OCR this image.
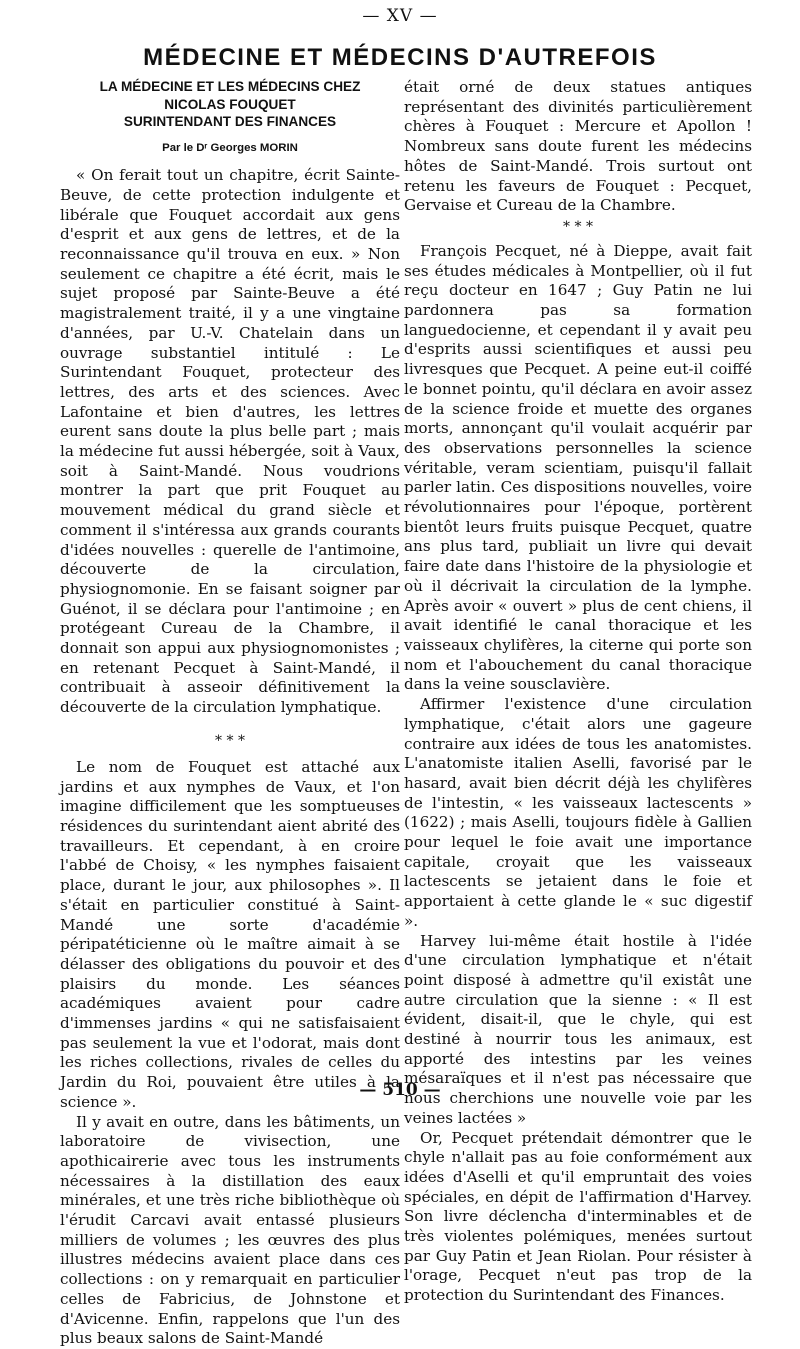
— XV —
MÉDECINE ET MÉDECINS D'AUTREFOIS
LA MÉDECINE ET LES MÉDECINS CHEZ
NICOLAS FOUQUET
SURINTENDANT DES FINANCES
Par le Dʳ Georges MORIN

« On ferait tout un chapitre, écrit Sainte-Beuve, de cette protection indulgente et libérale que Fouquet accordait aux gens d'esprit et aux gens de lettres, et de la reconnaissance qu'il trouva en eux. » Non seulement ce chapitre a été écrit, mais le sujet proposé par Sainte-Beuve a été magistralement traité, il y a une vingtaine d'années, par U.-V. Chatelain dans un ouvrage substantiel intitulé : Le Surintendant Fouquet, protecteur des lettres, des arts et des sciences. Avec Lafontaine et bien d'autres, les lettres eurent sans doute la plus belle part ; mais la médecine fut aussi hébergée, soit à Vaux, soit à Saint-Mandé. Nous voudrions montrer la part que prit Fouquet au mouvement médical du grand siècle et comment il s'intéressa aux grands courants d'idées nouvelles : querelle de l'antimoine, découverte de la circulation, physiognomonie. En se faisant soigner par Guénot, il se déclara pour l'antimoine ; en protégeant Cureau de la Chambre, il donnait son appui aux physiognomonistes ; en retenant Pecquet à Saint-Mandé, il contribuait à asseoir définitivement la découverte de la circulation lymphatique.

* * *

Le nom de Fouquet est attaché aux jardins et aux nymphes de Vaux, et l'on imagine difficilement que les somptueuses résidences du surintendant aient abrité des travailleurs. Et cependant, à en croire l'abbé de Choisy, « les nymphes faisaient place, durant le jour, aux philosophes ». Il s'était en particulier constitué à Saint-Mandé une sorte d'académie péripatéticienne où le maître aimait à se délasser des obligations du pouvoir et des plaisirs du monde. Les séances académiques avaient pour cadre d'immenses jardins « qui ne satisfaisaient pas seulement la vue et l'odorat, mais dont les riches collections, rivales de celles du Jardin du Roi, pouvaient être utiles à la science ».

Il y avait en outre, dans les bâtiments, un laboratoire de vivisection, une apothicairerie avec tous les instruments nécessaires à la distillation des eaux minérales, et une très riche bibliothèque où l'érudit Carcavi avait entassé plusieurs milliers de volumes ; les œuvres des plus illustres médecins avaient place dans ces collections : on y remarquait en particulier celles de Fabricius, de Johnstone et d'Avicenne. Enfin, rappelons que l'un des plus beaux salons de Saint-Mandé

était orné de deux statues antiques représentant des divinités particulièrement chères à Fouquet : Mercure et Apollon ! Nombreux sans doute furent les médecins hôtes de Saint-Mandé. Trois surtout ont retenu les faveurs de Fouquet : Pecquet, Gervaise et Cureau de la Chambre.

* * *

François Pecquet, né à Dieppe, avait fait ses études médicales à Montpellier, où il fut reçu docteur en 1647 ; Guy Patin ne lui pardonnera pas sa formation languedocienne, et cependant il y avait peu d'esprits aussi scientifiques et aussi peu livresques que Pecquet. A peine eut-il coiffé le bonnet pointu, qu'il déclara en avoir assez de la science froide et muette des organes morts, annonçant qu'il voulait acquérir par des observations personnelles la science véritable, veram scientiam, puisqu'il fallait parler latin. Ces dispositions nouvelles, voire révolutionnaires pour l'époque, portèrent bientôt leurs fruits puisque Pecquet, quatre ans plus tard, publiait un livre qui devait faire date dans l'histoire de la physiologie et où il décrivait la circulation de la lymphe. Après avoir « ouvert » plus de cent chiens, il avait identifié le canal thoracique et les vaisseaux chylifères, la citerne qui porte son nom et l'abouchement du canal thoracique dans la veine sousclavière.

Affirmer l'existence d'une circulation lymphatique, c'était alors une gageure contraire aux idées de tous les anatomistes. L'anatomiste italien Aselli, favorisé par le hasard, avait bien décrit déjà les chylifères de l'intestin, « les vaisseaux lactescents » (1622) ; mais Aselli, toujours fidèle à Gallien pour lequel le foie avait une importance capitale, croyait que les vaisseaux lactescents se jetaient dans le foie et apportaient à cette glande le « suc digestif ».

Harvey lui-même était hostile à l'idée d'une circulation lymphatique et n'était point disposé à admettre qu'il existât une autre circulation que la sienne : « Il est évident, disait-il, que le chyle, qui est destiné à nourrir tous les animaux, est apporté des intestins par les veines mésaraïques et il n'est pas nécessaire que nous cherchions une nouvelle voie par les veines lactées »

Or, Pecquet prétendait démontrer que le chyle n'allait pas au foie conformément aux idées d'Aselli et qu'il empruntait des voies spéciales, en dépit de l'affirmation d'Harvey. Son livre déclencha d'interminables et de très violentes polémiques, menées surtout par Guy Patin et Jean Riolan. Pour résister à l'orage, Pecquet n'eut pas trop de la protection du Surintendant des Finances.

— 510 —
